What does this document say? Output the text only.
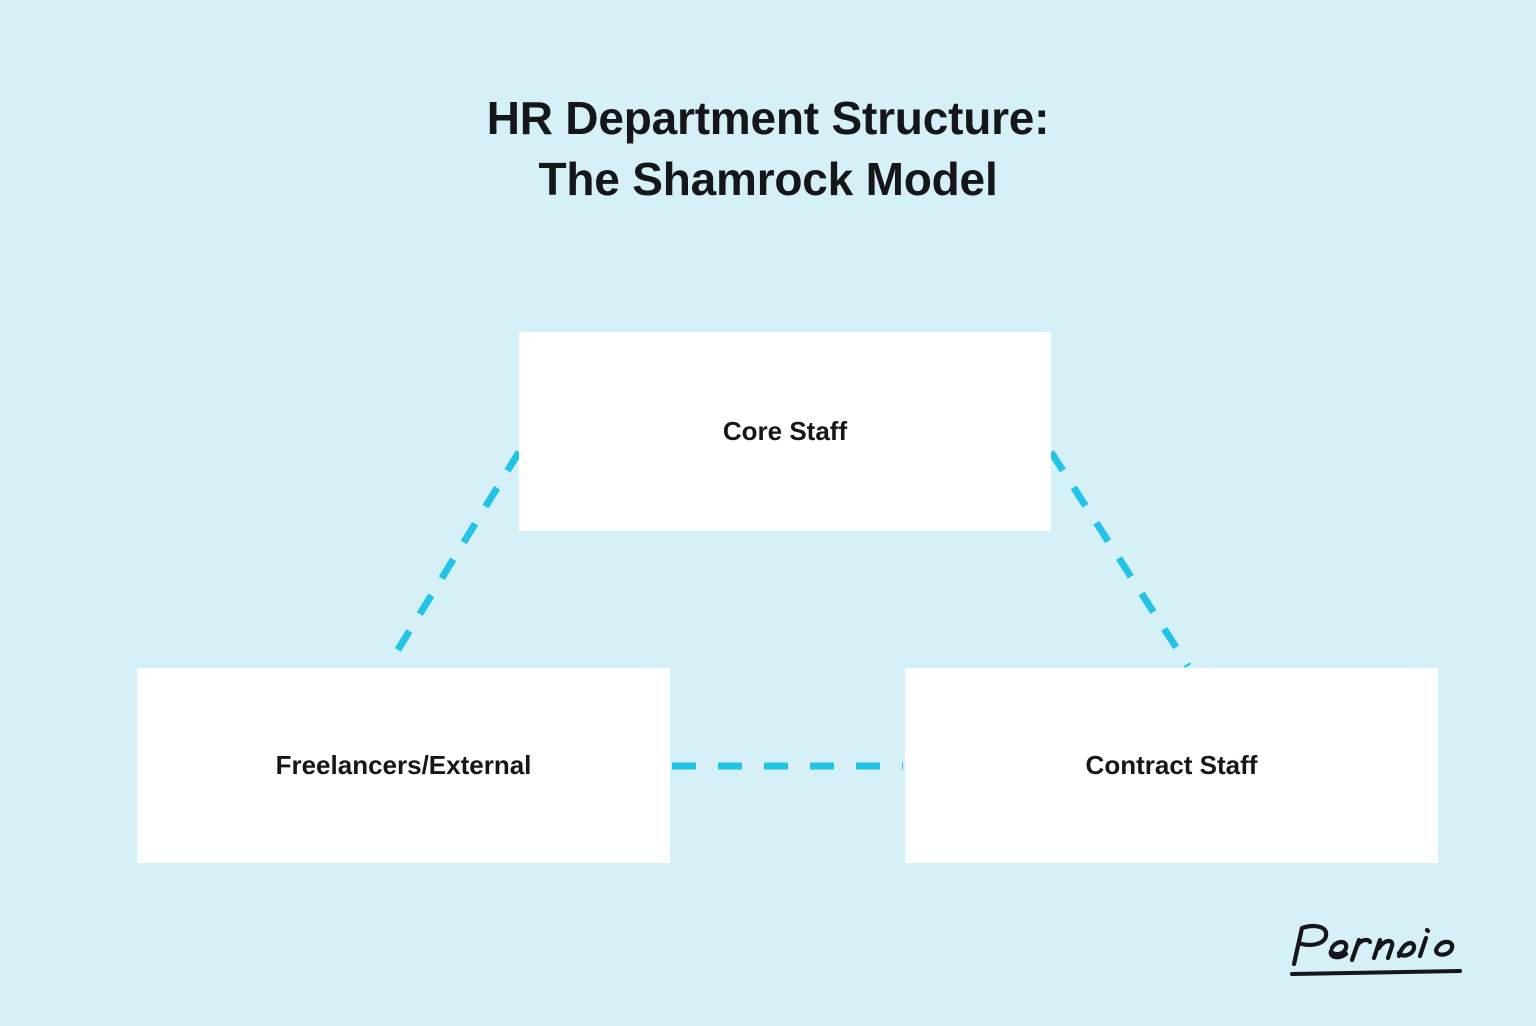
HR Department Structure:
The Shamrock Model
Core Staff
Freelancers/External	Contract Staff
